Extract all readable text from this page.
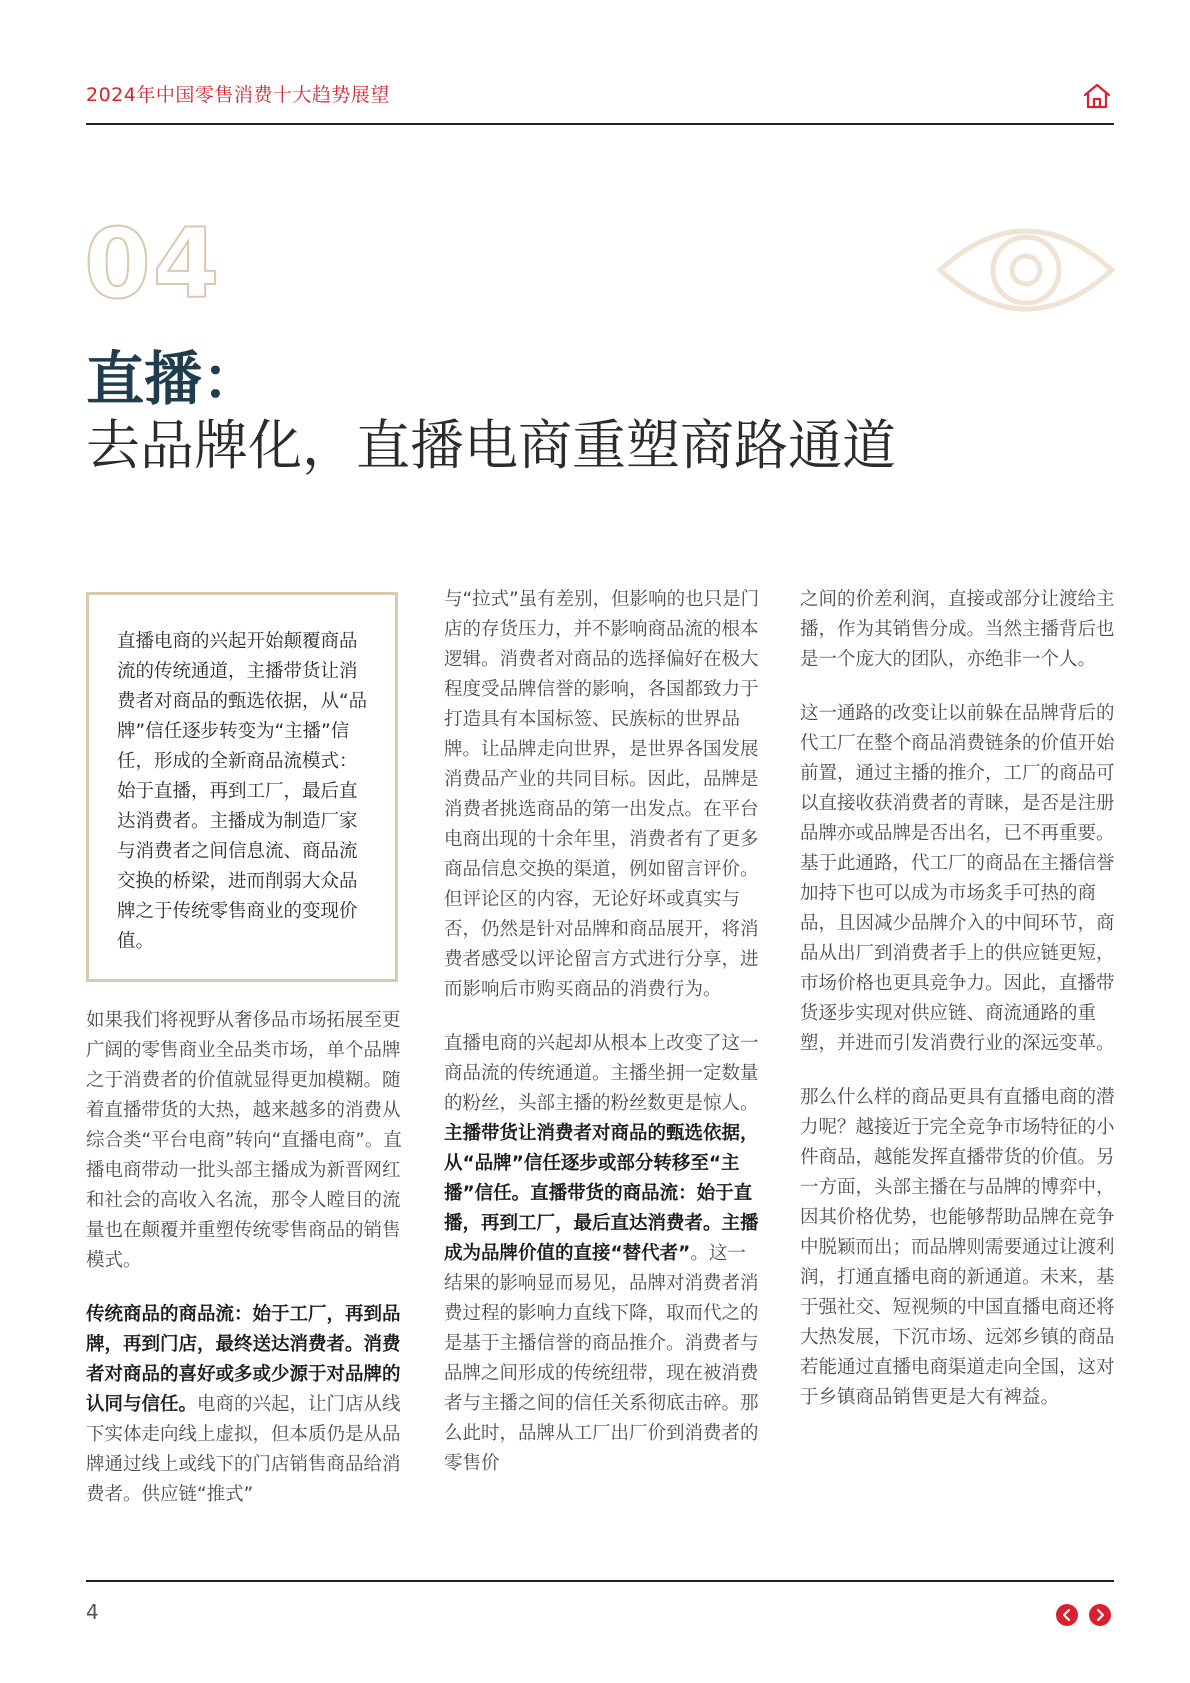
2024年中国零售消费十大趋势展望
04
直播：
去品牌化，直播电商重塑商路通道
直播电商的兴起开始颠覆商品流的传统通道，主播带货让消费者对商品的甄选依据，从“品牌”信任逐步转变为“主播”信任，形成的全新商品流模式：始于直播，再到工厂，最后直达消费者。主播成为制造厂家与消费者之间信息流、商品流交换的桥梁，进而削弱大众品牌之于传统零售商业的变现价值。

如果我们将视野从奢侈品市场拓展至更广阔的零售商业全品类市场，单个品牌之于消费者的价值就显得更加模糊。随着直播带货的大热，越来越多的消费从综合类“平台电商”转向“直播电商”。直播电商带动一批头部主播成为新晋网红和社会的高收入名流，那令人瞠目的流量也在颠覆并重塑传统零售商品的销售模式。

传统商品的商品流：始于工厂，再到品牌，再到门店，最终送达消费者。消费者对商品的喜好或多或少源于对品牌的认同与信任。电商的兴起，让门店从线下实体走向线上虚拟，但本质仍是从品牌通过线上或线下的门店销售商品给消费者。供应链“推式”

与“拉式”虽有差别，但影响的也只是门店的存货压力，并不影响商品流的根本逻辑。消费者对商品的选择偏好在极大程度受品牌信誉的影响，各国都致力于打造具有本国标签、民族标的世界品牌。让品牌走向世界，是世界各国发展消费品产业的共同目标。因此，品牌是消费者挑选商品的第一出发点。在平台电商出现的十余年里，消费者有了更多商品信息交换的渠道，例如留言评价。但评论区的内容，无论好坏或真实与否，仍然是针对品牌和商品展开，将消费者感受以评论留言方式进行分享，进而影响后市购买商品的消费行为。

直播电商的兴起却从根本上改变了这一商品流的传统通道。主播坐拥一定数量的粉丝，头部主播的粉丝数更是惊人。主播带货让消费者对商品的甄选依据，从“品牌”信任逐步或部分转移至“主播”信任。直播带货的商品流：始于直播，再到工厂，最后直达消费者。主播成为品牌价值的直接“替代者”。这一结果的影响显而易见，品牌对消费者消费过程的影响力直线下降，取而代之的是基于主播信誉的商品推介。消费者与品牌之间形成的传统纽带，现在被消费者与主播之间的信任关系彻底击碎。那么此时，品牌从工厂出厂价到消费者的零售价

之间的价差利润，直接或部分让渡给主播，作为其销售分成。当然主播背后也是一个庞大的团队，亦绝非一个人。

这一通路的改变让以前躲在品牌背后的代工厂在整个商品消费链条的价值开始前置，通过主播的推介，工厂的商品可以直接收获消费者的青睐，是否是注册品牌亦或品牌是否出名，已不再重要。基于此通路，代工厂的商品在主播信誉加持下也可以成为市场炙手可热的商品，且因减少品牌介入的中间环节，商品从出厂到消费者手上的供应链更短，市场价格也更具竞争力。因此，直播带货逐步实现对供应链、商流通路的重塑，并进而引发消费行业的深远变革。

那么什么样的商品更具有直播电商的潜力呢？越接近于完全竞争市场特征的小件商品，越能发挥直播带货的价值。另一方面，头部主播在与品牌的博弈中，因其价格优势，也能够帮助品牌在竞争中脱颖而出；而品牌则需要通过让渡利润，打通直播电商的新通道。未来，基于强社交、短视频的中国直播电商还将大热发展，下沉市场、远郊乡镇的商品若能通过直播电商渠道走向全国，这对于乡镇商品销售更是大有裨益。

4
